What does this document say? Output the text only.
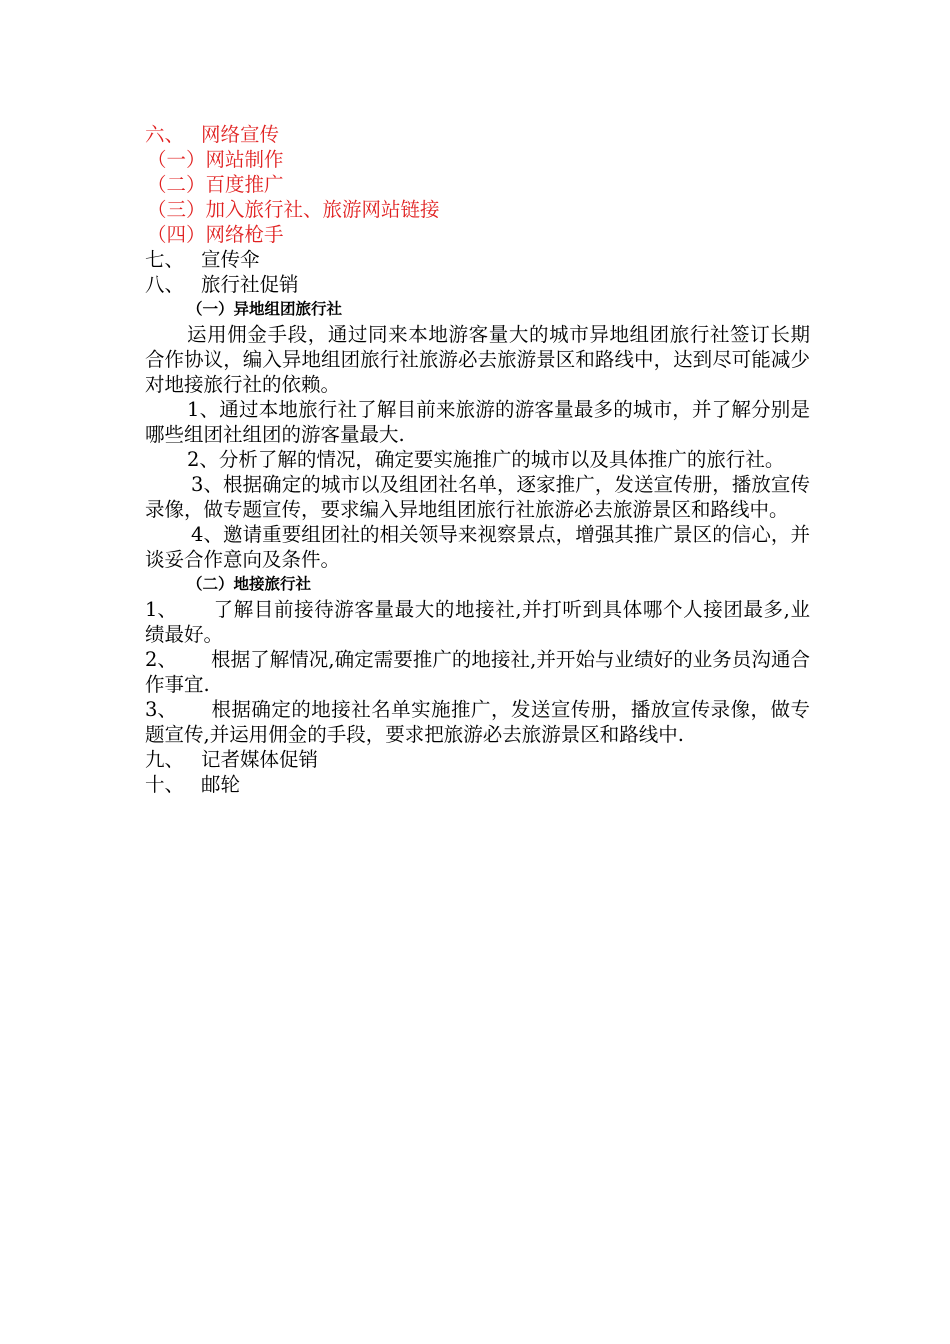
六、 网络宣传
（一）网站制作
（二）百度推广
（三）加入旅行社、旅游网站链接
（四）网络枪手
七、 宣传伞
八、 旅行社促销
（一）异地组团旅行社

运用佣金手段，通过同来本地游客量大的城市异地组团旅行社签订长期合作协议，编入异地组团旅行社旅游必去旅游景区和路线中，达到尽可能减少对地接旅行社的依赖。

1、通过本地旅行社了解目前来旅游的游客量最多的城市，并了解分别是哪些组团社组团的游客量最大.

2、分析了解的情况，确定要实施推广的城市以及具体推广的旅行社。

3、根据确定的城市以及组团社名单，逐家推广，发送宣传册，播放宣传录像，做专题宣传，要求编入异地组团旅行社旅游必去旅游景区和路线中。

4、邀请重要组团社的相关领导来视察景点，增强其推广景区的信心，并谈妥合作意向及条件。

（二）地接旅行社

1、 了解目前接待游客量最大的地接社,并打听到具体哪个人接团最多,业绩最好。

2、 根据了解情况,确定需要推广的地接社,并开始与业绩好的业务员沟通合作事宜.

3、 根据确定的地接社名单实施推广，发送宣传册，播放宣传录像，做专题宣传,并运用佣金的手段，要求把旅游必去旅游景区和路线中.

九、 记者媒体促销
十、 邮轮
